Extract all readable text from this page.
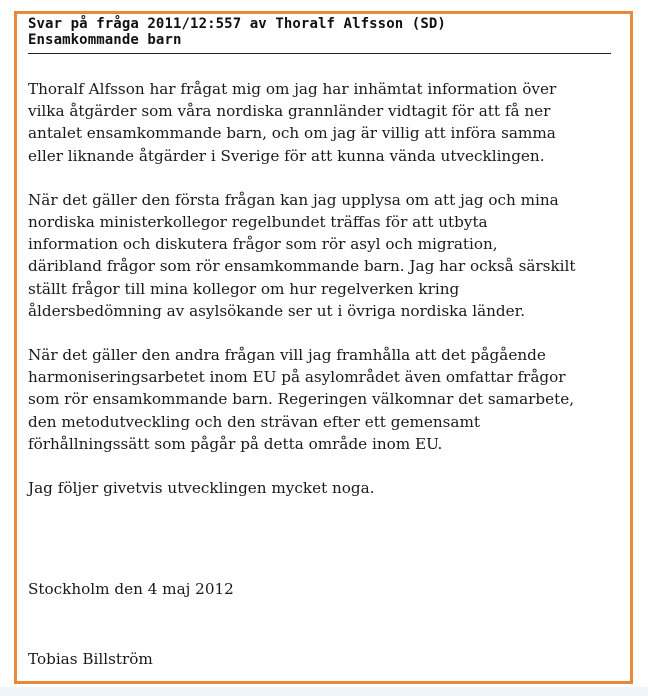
Svar på fråga 2011/12:557 av Thoralf Alfsson (SD)
Ensamkommande barn

Thoralf Alfsson har frågat mig om jag har inhämtat information över
vilka åtgärder som våra nordiska grannländer vidtagit för att få ner
antalet ensamkommande barn, och om jag är villig att införa samma
eller liknande åtgärder i Sverige för att kunna vända utvecklingen.

När det gäller den första frågan kan jag upplysa om att jag och mina
nordiska ministerkollegor regelbundet träffas för att utbyta
information och diskutera frågor som rör asyl och migration,
däribland frågor som rör ensamkommande barn. Jag har också särskilt
ställt frågor till mina kollegor om hur regelverken kring
åldersbedömning av asylsökande ser ut i övriga nordiska länder.

När det gäller den andra frågan vill jag framhålla att det pågående
harmoniseringsarbetet inom EU på asylområdet även omfattar frågor
som rör ensamkommande barn. Regeringen välkomnar det samarbete,
den metodutveckling och den strävan efter ett gemensamt
förhållningssätt som pågår på detta område inom EU.

Jag följer givetvis utvecklingen mycket noga.

Stockholm den 4 maj 2012
Tobias Billström
